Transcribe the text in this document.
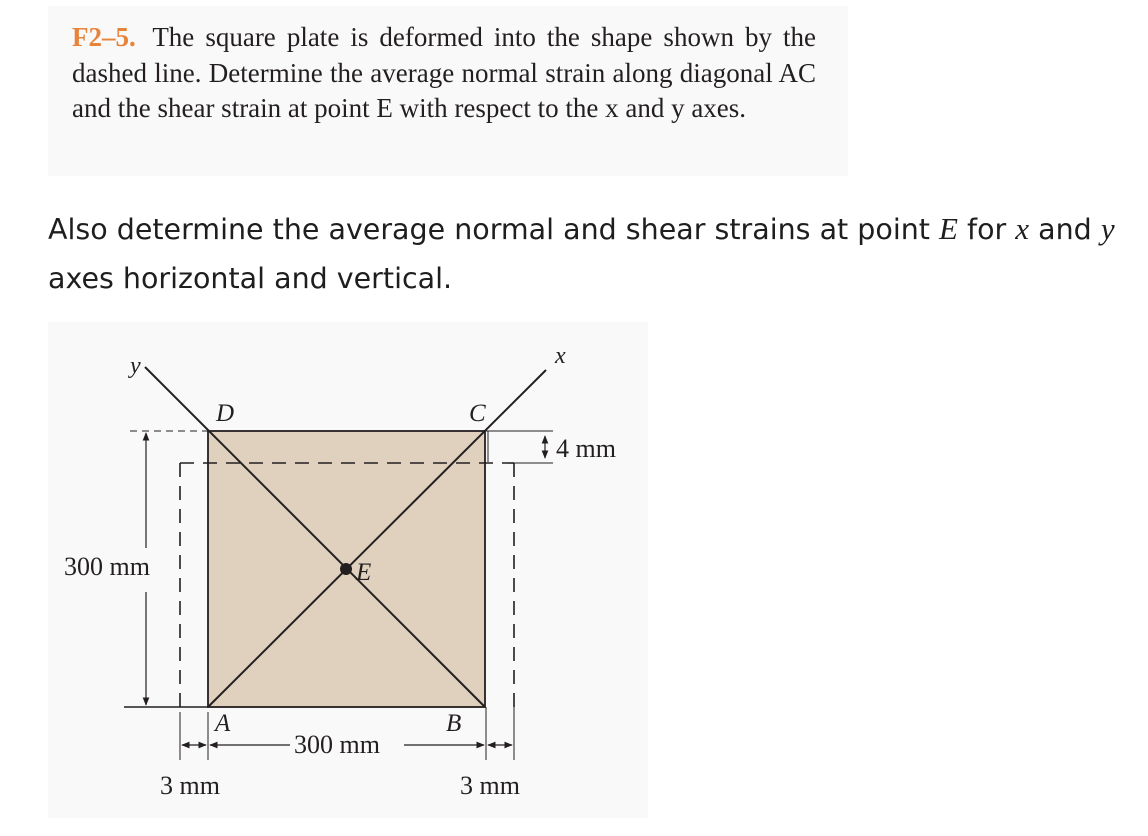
F2–5. The square plate is deformed into the shape shown by the dashed line. Determine the average normal strain along diagonal AC and the shear strain at point E with respect to the x and y axes.

Also determine the average normal and shear strains at point E for x and y axes horizontal and vertical.

y	x
D	C
A	B
E
300 mm
300 mm
4 mm
3 mm	3 mm
